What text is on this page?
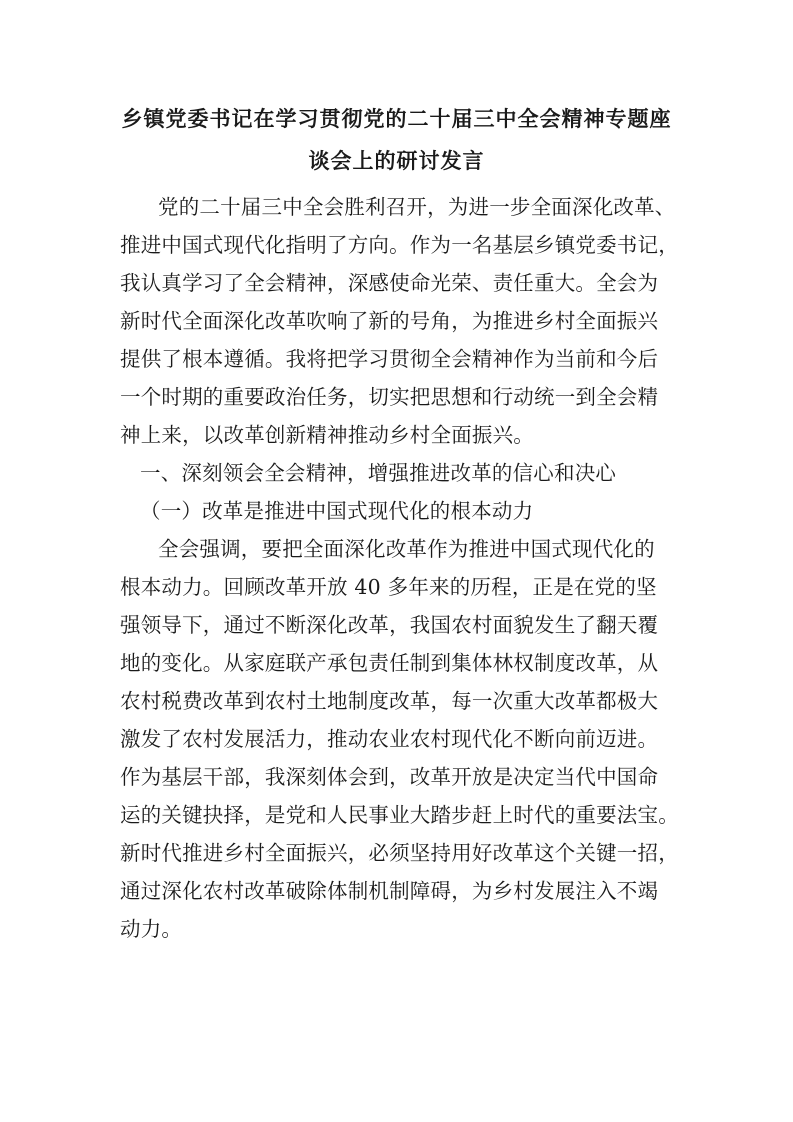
乡镇党委书记在学习贯彻党的二十届三中全会精神专题座
谈会上的研讨发言
党的二十届三中全会胜利召开，为进一步全面深化改革、
推进中国式现代化指明了方向。作为一名基层乡镇党委书记，
我认真学习了全会精神，深感使命光荣、责任重大。全会为
新时代全面深化改革吹响了新的号角，为推进乡村全面振兴
提供了根本遵循。我将把学习贯彻全会精神作为当前和今后
一个时期的重要政治任务，切实把思想和行动统一到全会精
神上来，以改革创新精神推动乡村全面振兴。
一、深刻领会全会精神，增强推进改革的信心和决心
（一）改革是推进中国式现代化的根本动力
全会强调，要把全面深化改革作为推进中国式现代化的
根本动力。回顾改革开放 40 多年来的历程，正是在党的坚
强领导下，通过不断深化改革，我国农村面貌发生了翻天覆
地的变化。从家庭联产承包责任制到集体林权制度改革，从
农村税费改革到农村土地制度改革，每一次重大改革都极大
激发了农村发展活力，推动农业农村现代化不断向前迈进。
作为基层干部，我深刻体会到，改革开放是决定当代中国命
运的关键抉择，是党和人民事业大踏步赶上时代的重要法宝。
新时代推进乡村全面振兴，必须坚持用好改革这个关键一招，
通过深化农村改革破除体制机制障碍，为乡村发展注入不竭
动力。
